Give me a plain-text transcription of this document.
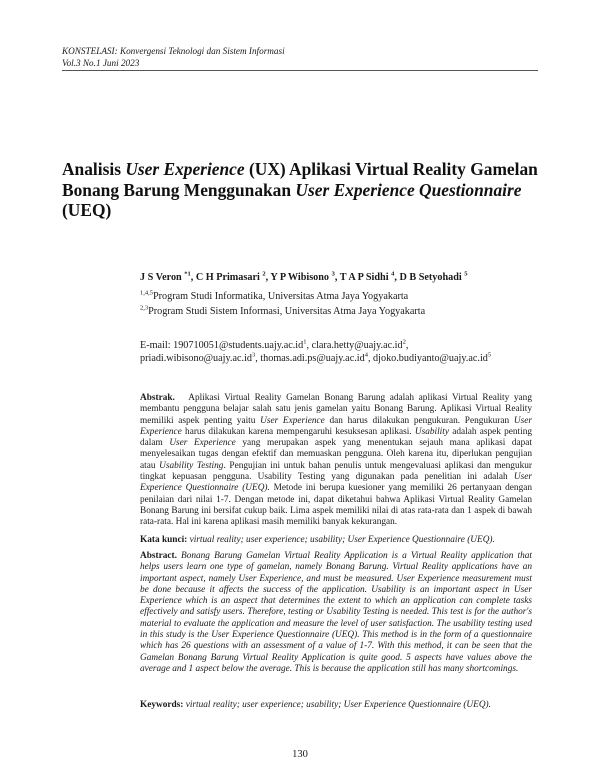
KONSTELASI: Konvergensi Teknologi dan Sistem Informasi
Vol.3 No.1 Juni 2023
Analisis User Experience (UX) Aplikasi Virtual Reality Gamelan Bonang Barung Menggunakan User Experience Questionnaire (UEQ)
J S Veron $^{*1}$, C H Primasari $^2$, Y P Wibisono $^3$, T A P Sidhi $^4$, D B Setyohadi $^5$
$^{1,4,5}$Program Studi Informatika, Universitas Atma Jaya Yogyakarta
$^{2,3}$Program Studi Sistem Informasi, Universitas Atma Jaya Yogyakarta
E-mail: $190710051@students.uajy.ac.id^1$, $clara.hetty@uajy.ac.id^2$,
$priadi.wibisono@uajy.ac.id^3$, $thomas.adi.ps@uajy.ac.id^4$, $djoko.budiyanto@uajy.ac.id^5$
Abstrak. Aplikasi Virtual Reality Gamelan Bonang Barung adalah aplikasi Virtual Reality yang membantu pengguna belajar salah satu jenis gamelan yaitu Bonang Barung. Aplikasi Virtual Reality memiliki aspek penting yaitu User Experience dan harus dilakukan pengukuran. Pengukuran User Experience harus dilakukan karena mempengaruhi kesuksesan aplikasi. Usability adalah aspek penting dalam User Experience yang merupakan aspek yang menentukan sejauh mana aplikasi dapat menyelesaikan tugas dengan efektif dan memuaskan pengguna. Oleh karena itu, diperlukan pengujian atau Usability Testing. Pengujian ini untuk bahan penulis untuk mengevaluasi aplikasi dan mengukur tingkat kepuasan pengguna. Usability Testing yang digunakan pada penelitian ini adalah User Experience Questionnaire (UEQ). Metode ini berupa kuesioner yang memiliki 26 pertanyaan dengan penilaian dari nilai 1-7. Dengan metode ini, dapat diketahui bahwa Aplikasi Virtual Reality Gamelan Bonang Barung ini bersifat cukup baik. Lima aspek memiliki nilai di atas rata-rata dan 1 aspek di bawah rata-rata. Hal ini karena aplikasi masih memiliki banyak kekurangan.
Kata kunci: virtual reality; user experience; usability; User Experience Questionnaire (UEQ).
Abstract. Bonang Barung Gamelan Virtual Reality Application is a Virtual Reality application that helps users learn one type of gamelan, namely Bonang Barung. Virtual Reality applications have an important aspect, namely User Experience, and must be measured. User Experience measurement must be done because it affects the success of the application. Usability is an important aspect in User Experience which is an aspect that determines the extent to which an application can complete tasks effectively and satisfy users. Therefore, testing or Usability Testing is needed. This test is for the author's material to evaluate the application and measure the level of user satisfaction. The usability testing used in this study is the User Experience Questionnaire (UEQ). This method is in the form of a questionnaire which has 26 questions with an assessment of a value of 1-7. With this method, it can be seen that the Gamelan Bonang Barung Virtual Reality Application is quite good. 5 aspects have values above the average and 1 aspect below the average. This is because the application still has many shortcomings.
Keywords: virtual reality; user experience; usability; User Experience Questionnaire (UEQ).
130
